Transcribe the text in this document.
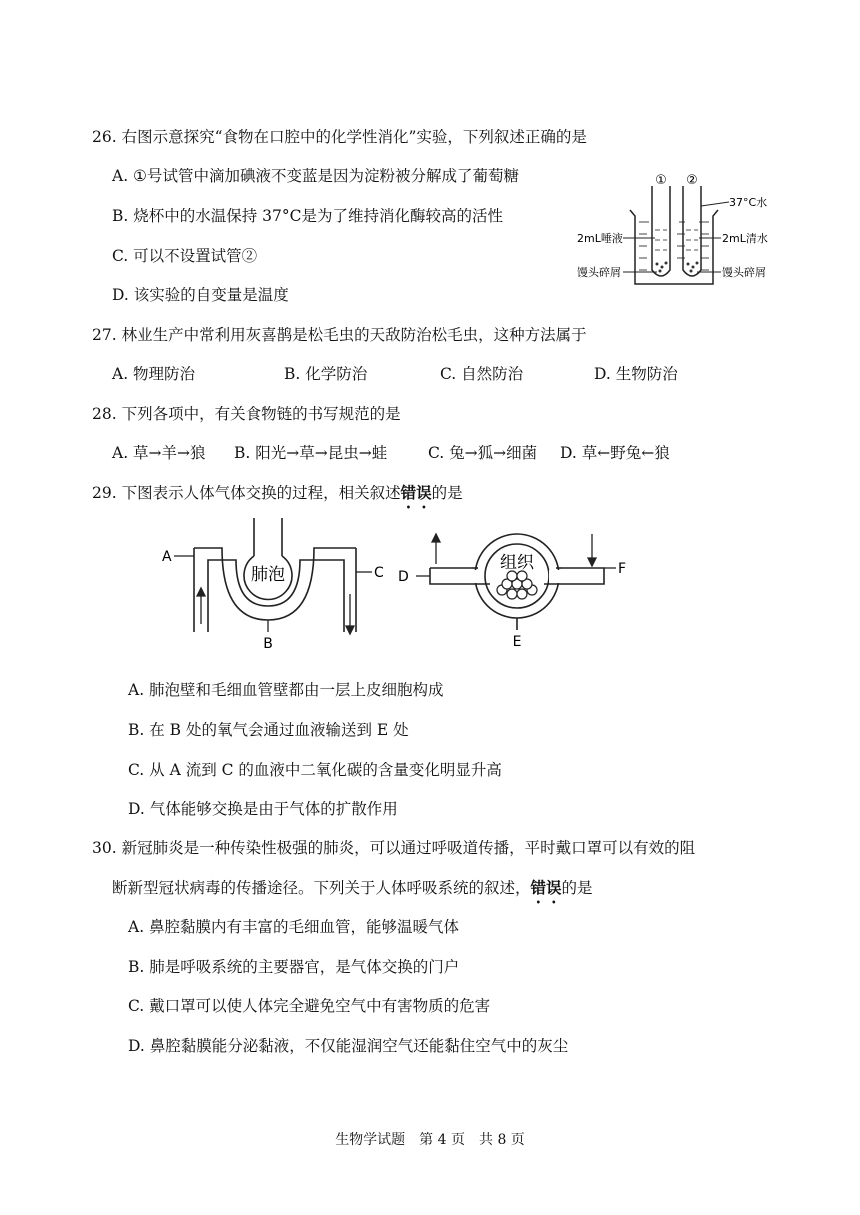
26. 右图示意探究“食物在口腔中的化学性消化”实验，下列叙述正确的是
A. ①号试管中滴加碘液不变蓝是因为淀粉被分解成了葡萄糖
B. 烧杯中的水温保持 37°C是为了维持消化酶较高的活性
C. 可以不设置试管②
D. 该实验的自变量是温度
① ②
37°C水
2mL唾液	2mL清水
馒头碎屑	馒头碎屑
27. 林业生产中常利用灰喜鹊是松毛虫的天敌防治松毛虫，这种方法属于
A. 物理防治	B. 化学防治	C. 自然防治	D. 生物防治
28. 下列各项中，有关食物链的书写规范的是
A. 草→羊→狼 B. 阳光→草→昆虫→蛙	C. 兔→狐→细菌 D. 草←野兔←狼
29. 下图表示人体气体交换的过程，相关叙述错误的是
肺泡
A
C
B
组织
D	F
E
A. 肺泡壁和毛细血管壁都由一层上皮细胞构成
B. 在 B 处的氧气会通过血液输送到 E 处
C. 从 A 流到 C 的血液中二氧化碳的含量变化明显升高
D. 气体能够交换是由于气体的扩散作用
30. 新冠肺炎是一种传染性极强的肺炎，可以通过呼吸道传播，平时戴口罩可以有效的阻
断新型冠状病毒的传播途径。下列关于人体呼吸系统的叙述，错误的是
A. 鼻腔黏膜内有丰富的毛细血管，能够温暖气体
B. 肺是呼吸系统的主要器官，是气体交换的门户
C. 戴口罩可以使人体完全避免空气中有害物质的危害
D. 鼻腔黏膜能分泌黏液，不仅能湿润空气还能黏住空气中的灰尘
生物学试题　第 4 页　共 8 页
